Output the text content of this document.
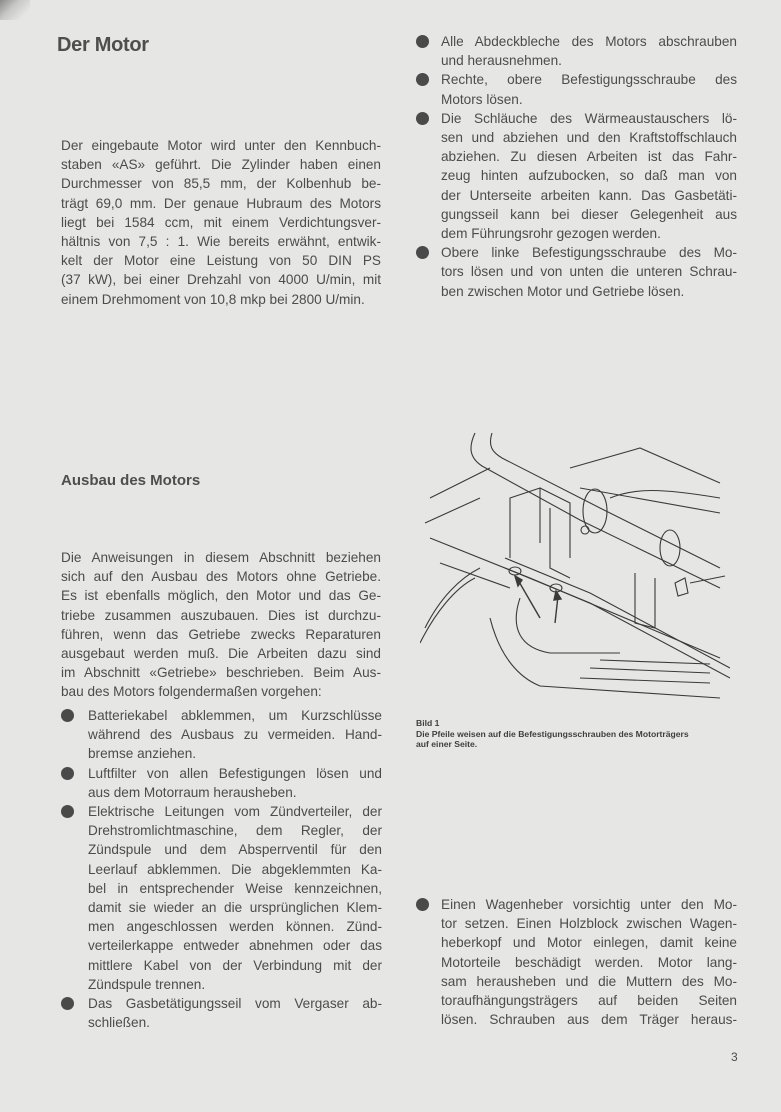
Der Motor
Der eingebaute Motor wird unter den Kennbuch-
staben «AS» geführt. Die Zylinder haben einen
Durchmesser von 85,5 mm, der Kolbenhub be-
trägt 69,0 mm. Der genaue Hubraum des Motors
liegt bei 1584 ccm, mit einem Verdichtungsver-
hältnis von 7,5 : 1. Wie bereits erwähnt, entwik-
kelt der Motor eine Leistung von 50 DIN PS
(37 kW), bei einer Drehzahl von 4000 U/min, mit
einem Drehmoment von 10,8 mkp bei 2800 U/min.
Ausbau des Motors
Die Anweisungen in diesem Abschnitt beziehen
sich auf den Ausbau des Motors ohne Getriebe.
Es ist ebenfalls möglich, den Motor und das Ge-
triebe zusammen auszubauen. Dies ist durchzu-
führen, wenn das Getriebe zwecks Reparaturen
ausgebaut werden muß. Die Arbeiten dazu sind
im Abschnitt «Getriebe» beschrieben. Beim Aus-
bau des Motors folgendermaßen vorgehen:
Batteriekabel abklemmen, um Kurzschlüsse
während des Ausbaus zu vermeiden. Hand-
bremse anziehen.
Luftfilter von allen Befestigungen lösen und
aus dem Motorraum herausheben.
Elektrische Leitungen vom Zündverteiler, der
Drehstromlichtmaschine, dem Regler, der
Zündspule und dem Absperrventil für den
Leerlauf abklemmen. Die abgeklemmten Ka-
bel in entsprechender Weise kennzeichnen,
damit sie wieder an die ursprünglichen Klem-
men angeschlossen werden können. Zünd-
verteilerkappe entweder abnehmen oder das
mittlere Kabel von der Verbindung mit der
Zündspule trennen.
Das Gasbetätigungsseil vom Vergaser ab-
schließen.
Alle Abdeckbleche des Motors abschrauben
und herausnehmen.
Rechte, obere Befestigungsschraube des
Motors lösen.
Die Schläuche des Wärmeaustauschers lö-
sen und abziehen und den Kraftstoffschlauch
abziehen. Zu diesen Arbeiten ist das Fahr-
zeug hinten aufzubocken, so daß man von
der Unterseite arbeiten kann. Das Gasbetäti-
gungsseil kann bei dieser Gelegenheit aus
dem Führungsrohr gezogen werden.
Obere linke Befestigungsschraube des Mo-
tors lösen und von unten die unteren Schrau-
ben zwischen Motor und Getriebe lösen.
Einen Wagenheber vorsichtig unter den Mo-
tor setzen. Einen Holzblock zwischen Wagen-
heberkopf und Motor einlegen, damit keine
Motorteile beschädigt werden. Motor lang-
sam herausheben und die Muttern des Mo-
toraufhängungsträgers auf beiden Seiten
lösen. Schrauben aus dem Träger heraus-
Bild 1
Die Pfeile weisen auf die Befestigungsschrauben des Motorträgers
auf einer Seite.
3
